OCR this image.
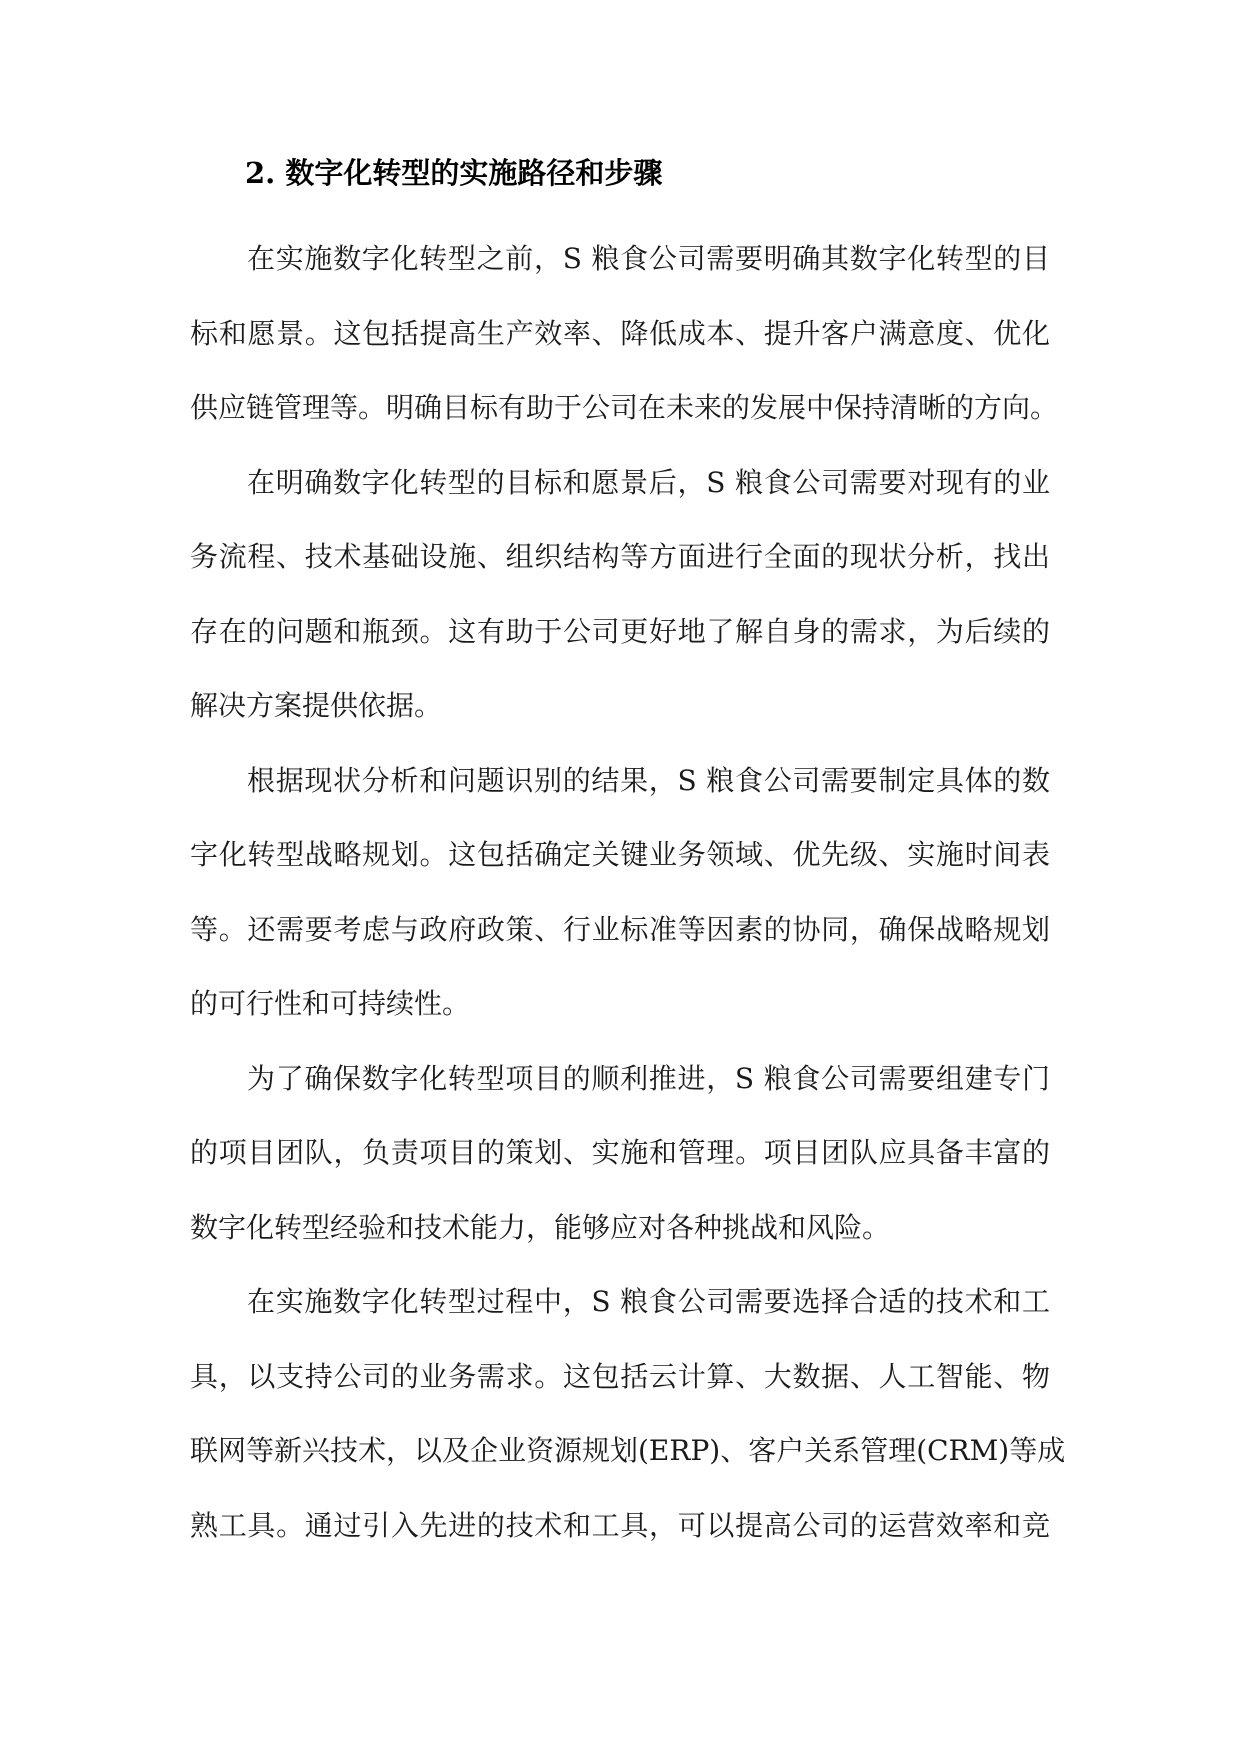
2. 数字化转型的实施路径和步骤

在实施数字化转型之前，S 粮食公司需要明确其数字化转型的目
标和愿景。这包括提高生产效率、降低成本、提升客户满意度、优化
供应链管理等。明确目标有助于公司在未来的发展中保持清晰的方向。

在明确数字化转型的目标和愿景后，S 粮食公司需要对现有的业
务流程、技术基础设施、组织结构等方面进行全面的现状分析，找出
存在的问题和瓶颈。这有助于公司更好地了解自身的需求，为后续的
解决方案提供依据。

根据现状分析和问题识别的结果，S 粮食公司需要制定具体的数
字化转型战略规划。这包括确定关键业务领域、优先级、实施时间表
等。还需要考虑与政府政策、行业标准等因素的协同，确保战略规划
的可行性和可持续性。

为了确保数字化转型项目的顺利推进，S 粮食公司需要组建专门
的项目团队，负责项目的策划、实施和管理。项目团队应具备丰富的
数字化转型经验和技术能力，能够应对各种挑战和风险。

在实施数字化转型过程中，S 粮食公司需要选择合适的技术和工
具，以支持公司的业务需求。这包括云计算、大数据、人工智能、物
联网等新兴技术，以及企业资源规划(ERP)、客户关系管理(CRM)等成
熟工具。通过引入先进的技术和工具，可以提高公司的运营效率和竞
